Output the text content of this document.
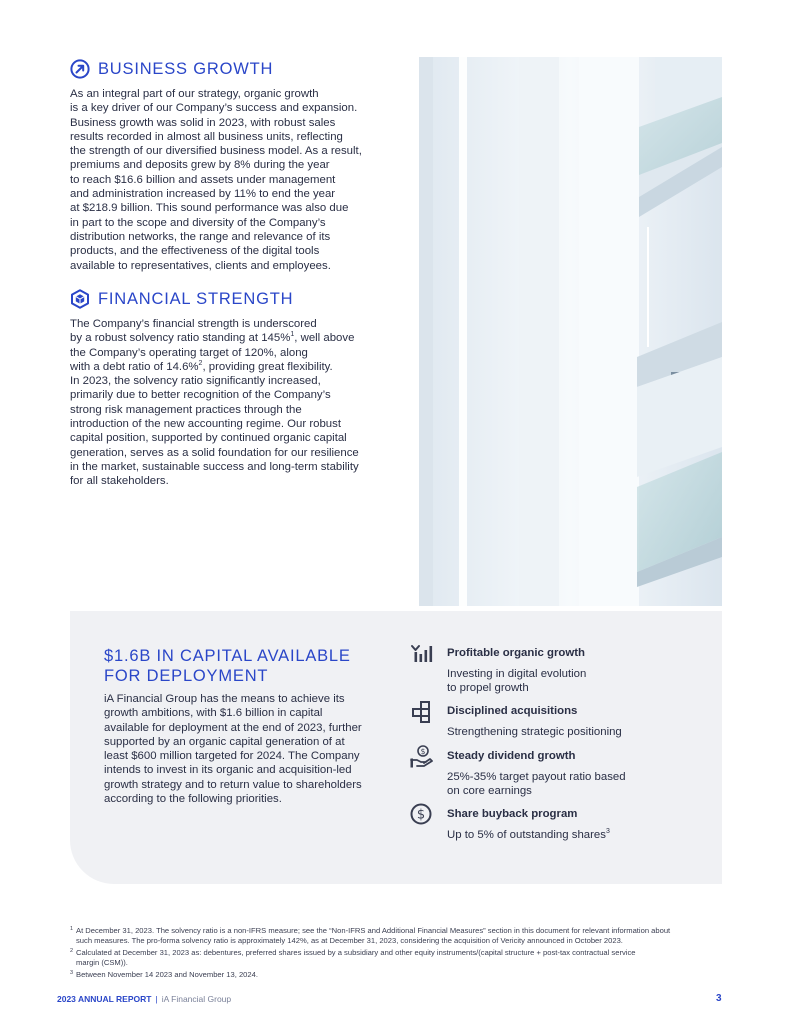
BUSINESS GROWTH
As an integral part of our strategy, organic growth
is a key driver of our Company’s success and expansion.
Business growth was solid in 2023, with robust sales
results recorded in almost all business units, reflecting
the strength of our diversified business model. As a result,
premiums and deposits grew by 8% during the year
to reach $16.6 billion and assets under management
and administration increased by 11% to end the year
at $218.9 billion. This sound performance was also due
in part to the scope and diversity of the Company’s
distribution networks, the range and relevance of its
products, and the effectiveness of the digital tools
available to representatives, clients and employees.
FINANCIAL STRENGTH
The Company’s financial strength is underscored
by a robust solvency ratio standing at 145%$^1$, well above
the Company’s operating target of 120%, along
with a debt ratio of 14.6%$^2$, providing great flexibility.
In 2023, the solvency ratio significantly increased,
primarily due to better recognition of the Company’s
strong risk management practices through the
introduction of the new accounting regime. Our robust
capital position, supported by continued organic capital
generation, serves as a solid foundation for our resilience
in the market, sustainable success and long-term stability
for all stakeholders.
$1.6B IN CAPITAL AVAILABLE
FOR DEPLOYMENT
iA Financial Group has the means to achieve its
growth ambitions, with $1.6 billion in capital
available for deployment at the end of 2023, further
supported by an organic capital generation of at
least $600 million targeted for 2024. The Company
intends to invest in its organic and acquisition-led
growth strategy and to return value to shareholders
according to the following priorities.
Profitable organic growth
Investing in digital evolution
to propel growth
Disciplined acquisitions
Strengthening strategic positioning
$ Steady dividend growth
25%-35% target payout ratio based
on core earnings
$ Share buyback program
Up to 5% of outstanding shares$^3$
1 At December 31, 2023. The solvency ratio is a non-IFRS measure; see the “Non-IFRS and Additional Financial Measures” section in this document for relevant information about
such measures. The pro-forma solvency ratio is approximately 142%, as at December 31, 2023, considering the acquisition of Vericity announced in October 2023.
2 Calculated at December 31, 2023 as: debentures, preferred shares issued by a subsidiary and other equity instruments/(capital structure + post-tax contractual service
margin (CSM)).
3 Between November 14 2023 and November 13, 2024.
2023 ANNUAL REPORT | iA Financial Group	3
